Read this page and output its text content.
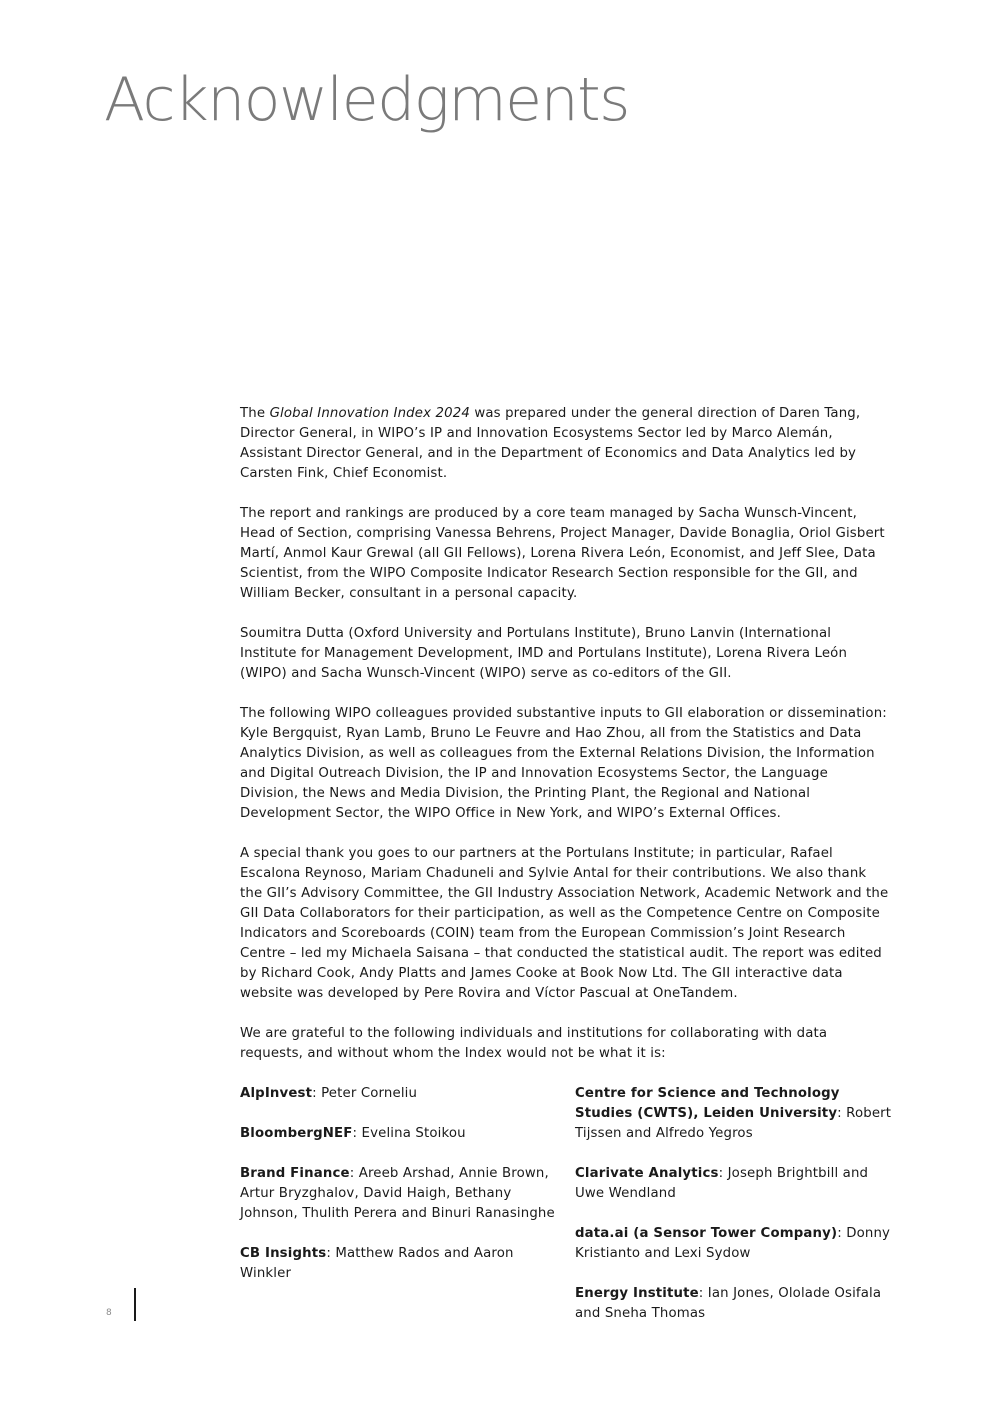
Acknowledgments

The Global Innovation Index 2024 was prepared under the general direction of Daren Tang, Director General, in WIPO’s IP and Innovation Ecosystems Sector led by Marco Alemán, Assistant Director General, and in the Department of Economics and Data Analytics led by Carsten Fink, Chief Economist.

The report and rankings are produced by a core team managed by Sacha Wunsch-Vincent, Head of Section, comprising Vanessa Behrens, Project Manager, Davide Bonaglia, Oriol Gisbert Martí, Anmol Kaur Grewal (all GII Fellows), Lorena Rivera León, Economist, and Jeff Slee, Data Scientist, from the WIPO Composite Indicator Research Section responsible for the GII, and William Becker, consultant in a personal capacity.

Soumitra Dutta (Oxford University and Portulans Institute), Bruno Lanvin (International Institute for Management Development, IMD and Portulans Institute), Lorena Rivera León (WIPO) and Sacha Wunsch-Vincent (WIPO) serve as co-editors of the GII.

The following WIPO colleagues provided substantive inputs to GII elaboration or dissemination: Kyle Bergquist, Ryan Lamb, Bruno Le Feuvre and Hao Zhou, all from the Statistics and Data Analytics Division, as well as colleagues from the External Relations Division, the Information and Digital Outreach Division, the IP and Innovation Ecosystems Sector, the Language Division, the News and Media Division, the Printing Plant, the Regional and National Development Sector, the WIPO Office in New York, and WIPO’s External Offices.

A special thank you goes to our partners at the Portulans Institute; in particular, Rafael Escalona Reynoso, Mariam Chaduneli and Sylvie Antal for their contributions. We also thank the GII’s Advisory Committee, the GII Industry Association Network, Academic Network and the GII Data Collaborators for their participation, as well as the Competence Centre on Composite Indicators and Scoreboards (COIN) team from the European Commission’s Joint Research Centre – led my Michaela Saisana – that conducted the statistical audit. The report was edited by Richard Cook, Andy Platts and James Cooke at Book Now Ltd. The GII interactive data website was developed by Pere Rovira and Víctor Pascual at OneTandem.

We are grateful to the following individuals and institutions for collaborating with data requests, and without whom the Index would not be what it is:

AlpInvest: Peter Corneliu

BloombergNEF: Evelina Stoikou

Brand Finance: Areeb Arshad, Annie Brown, Artur Bryzghalov, David Haigh, Bethany Johnson, Thulith Perera and Binuri Ranasinghe

CB Insights: Matthew Rados and Aaron Winkler

Centre for Science and Technology Studies (CWTS), Leiden University: Robert Tijssen and Alfredo Yegros

Clarivate Analytics: Joseph Brightbill and Uwe Wendland

data.ai (a Sensor Tower Company): Donny Kristianto and Lexi Sydow

Energy Institute: Ian Jones, Ololade Osifala and Sneha Thomas

8
